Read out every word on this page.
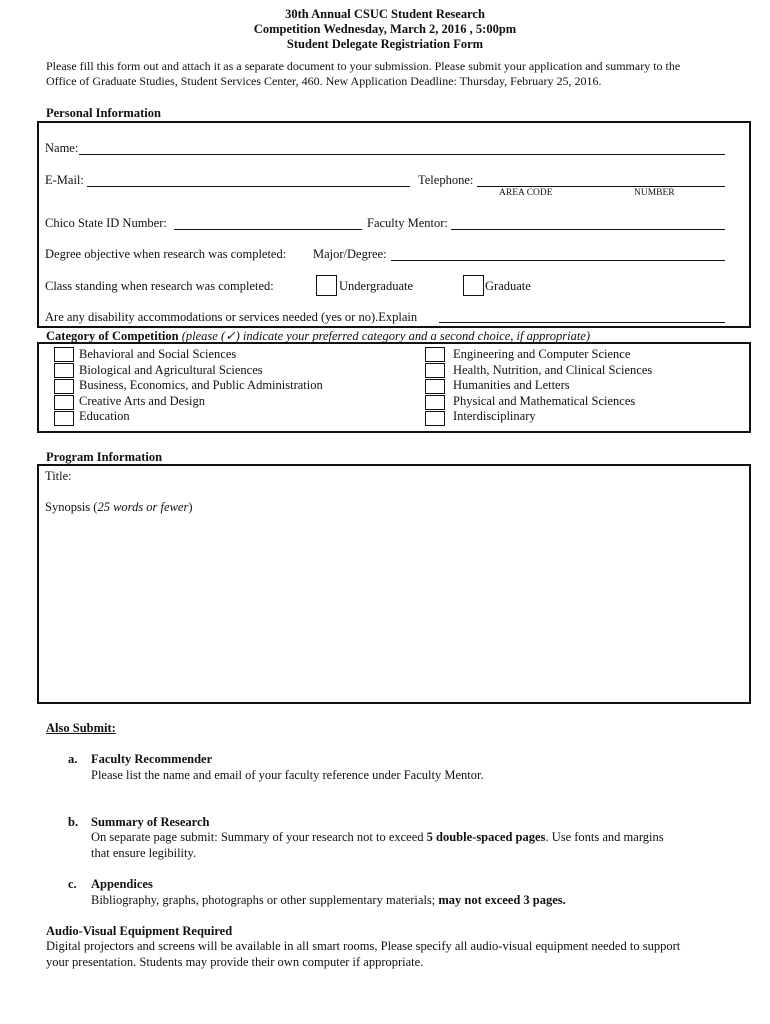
30th Annual CSUC Student Research
Competition Wednesday, March 2, 2016 , 5:00pm
Student Delegate Registriation Form
Please fill this form out and attach it as a separate document to your submission. Please submit your application and summary to the
Office of Graduate Studies, Student Services Center, 460. New Application Deadline: Thursday, February 25, 2016.
Personal Information
Name:
E-Mail:	Telephone:
AREA CODE	NUMBER
Chico State ID Number:	Faculty Mentor:
Degree objective when research was completed: Major/Degree:
Class standing when research was completed:	Undergraduate	Graduate
Are any disability accommodations or services needed (yes or no).Explain
Category of Competition (please (✓) indicate your preferred category and a second choice, if appropriate)
Behavioral and Social Sciences
Biological and Agricultural Sciences
Business, Economics, and Public Administration
Creative Arts and Design
Education
Engineering and Computer Science
Health, Nutrition, and Clinical Sciences
Humanities and Letters
Physical and Mathematical Sciences
Interdisciplinary
Program Information
Title:
Synopsis (25 words or fewer)
Also Submit:
a. Faculty Recommender
Please list the name and email of your faculty reference under Faculty Mentor.
b. Summary of Research
On separate page submit: Summary of your research not to exceed 5 double-spaced pages. Use fonts and margins
that ensure legibility.
c. Appendices
Bibliography, graphs, photographs or other supplementary materials; may not exceed 3 pages.
Audio-Visual Equipment Required
Digital projectors and screens will be available in all smart rooms, Please specify all audio-visual equipment needed to support
your presentation. Students may provide their own computer if appropriate.
